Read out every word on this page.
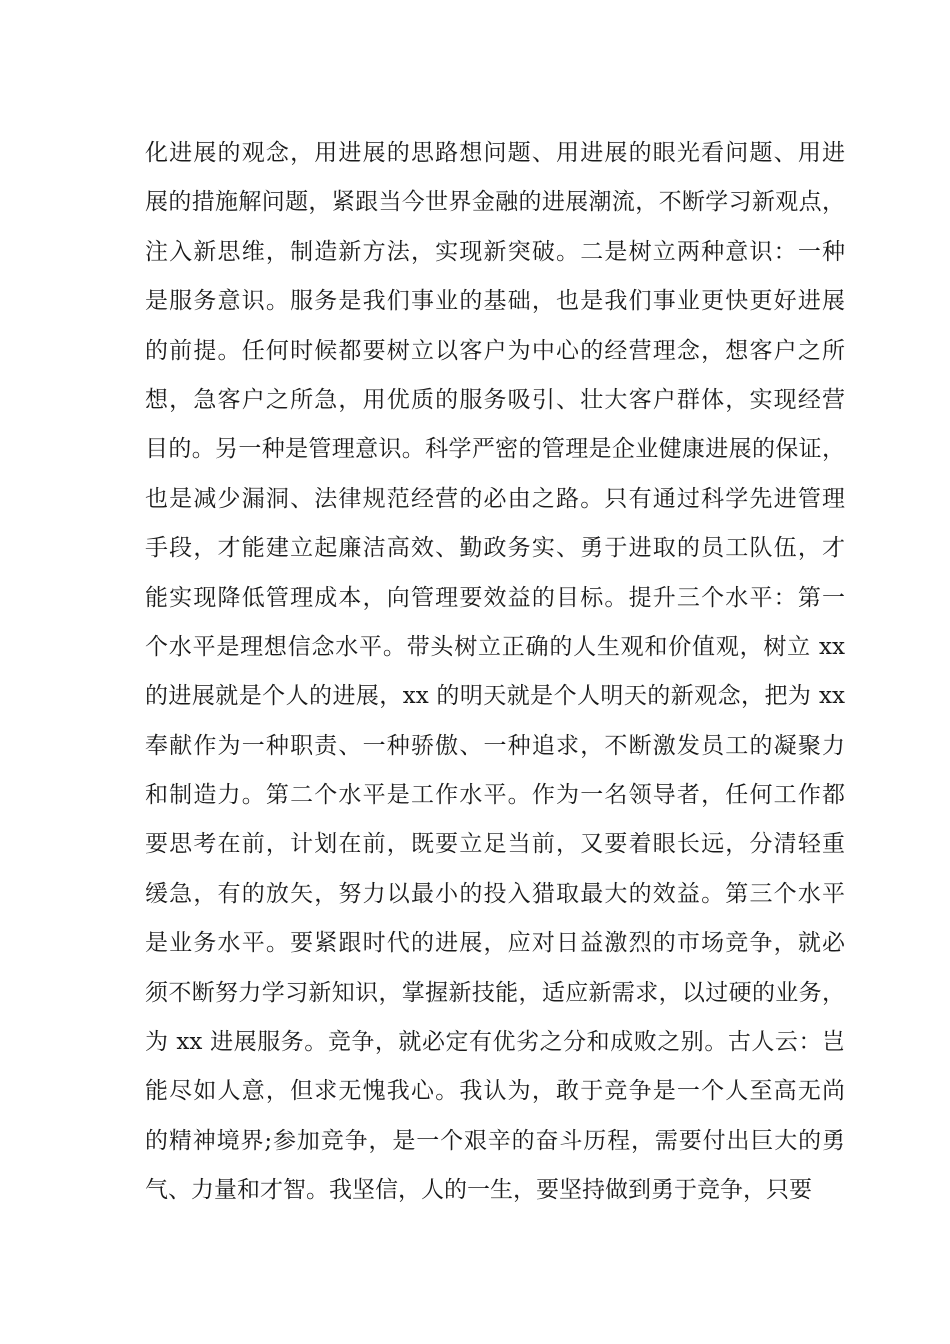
化进展的观念，用进展的思路想问题、用进展的眼光看问题、用进
展的措施解问题，紧跟当今世界金融的进展潮流，不断学习新观点，
注入新思维，制造新方法，实现新突破。二是树立两种意识：一种
是服务意识。服务是我们事业的基础，也是我们事业更快更好进展
的前提。任何时候都要树立以客户为中心的经营理念，想客户之所
想，急客户之所急，用优质的服务吸引、壮大客户群体，实现经营
目的。另一种是管理意识。科学严密的管理是企业健康进展的保证，
也是减少漏洞、法律规范经营的必由之路。只有通过科学先进管理
手段，才能建立起廉洁高效、勤政务实、勇于进取的员工队伍，才
能实现降低管理成本，向管理要效益的目标。提升三个水平：第一
个水平是理想信念水平。带头树立正确的人生观和价值观，树立 xx
的进展就是个人的进展，xx 的明天就是个人明天的新观念，把为 xx
奉献作为一种职责、一种骄傲、一种追求，不断激发员工的凝聚力
和制造力。第二个水平是工作水平。作为一名领导者，任何工作都
要思考在前，计划在前，既要立足当前，又要着眼长远，分清轻重
缓急，有的放矢，努力以最小的投入猎取最大的效益。第三个水平
是业务水平。要紧跟时代的进展，应对日益激烈的市场竞争，就必
须不断努力学习新知识，掌握新技能，适应新需求，以过硬的业务，
为 xx 进展服务。竞争，就必定有优劣之分和成败之别。古人云：岂
能尽如人意，但求无愧我心。我认为，敢于竞争是一个人至高无尚
的精神境界;参加竞争，是一个艰辛的奋斗历程，需要付出巨大的勇
气、力量和才智。我坚信，人的一生，要坚持做到勇于竞争，只要
